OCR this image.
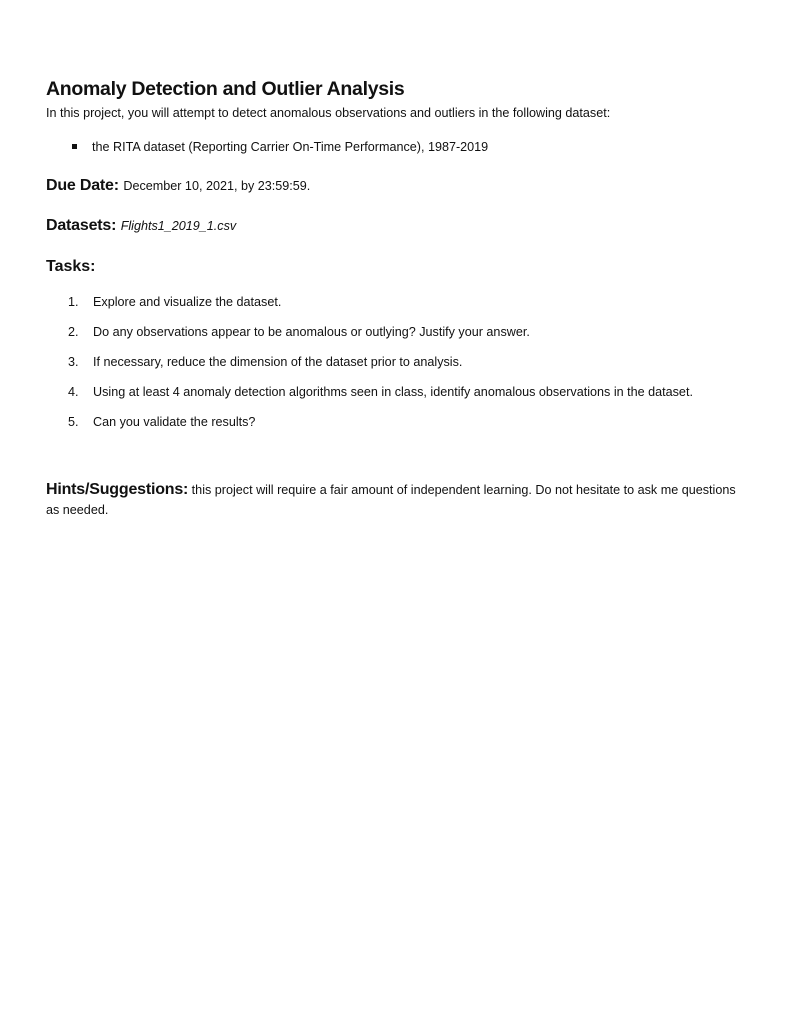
Anomaly Detection and Outlier Analysis

In this project, you will attempt to detect anomalous observations and outliers in the following dataset:

the RITA dataset (Reporting Carrier On-Time Performance), 1987-2019

Due Date: December 10, 2021, by 23:59:59.

Datasets: Flights1_2019_1.csv

Tasks:
1. Explore and visualize the dataset.
2. Do any observations appear to be anomalous or outlying? Justify your answer.
3. If necessary, reduce the dimension of the dataset prior to analysis.
4. Using at least 4 anomaly detection algorithms seen in class, identify anomalous observations in the dataset.
5. Can you validate the results?

Hints/Suggestions: this project will require a fair amount of independent learning. Do not hesitate to ask me questions as needed.
